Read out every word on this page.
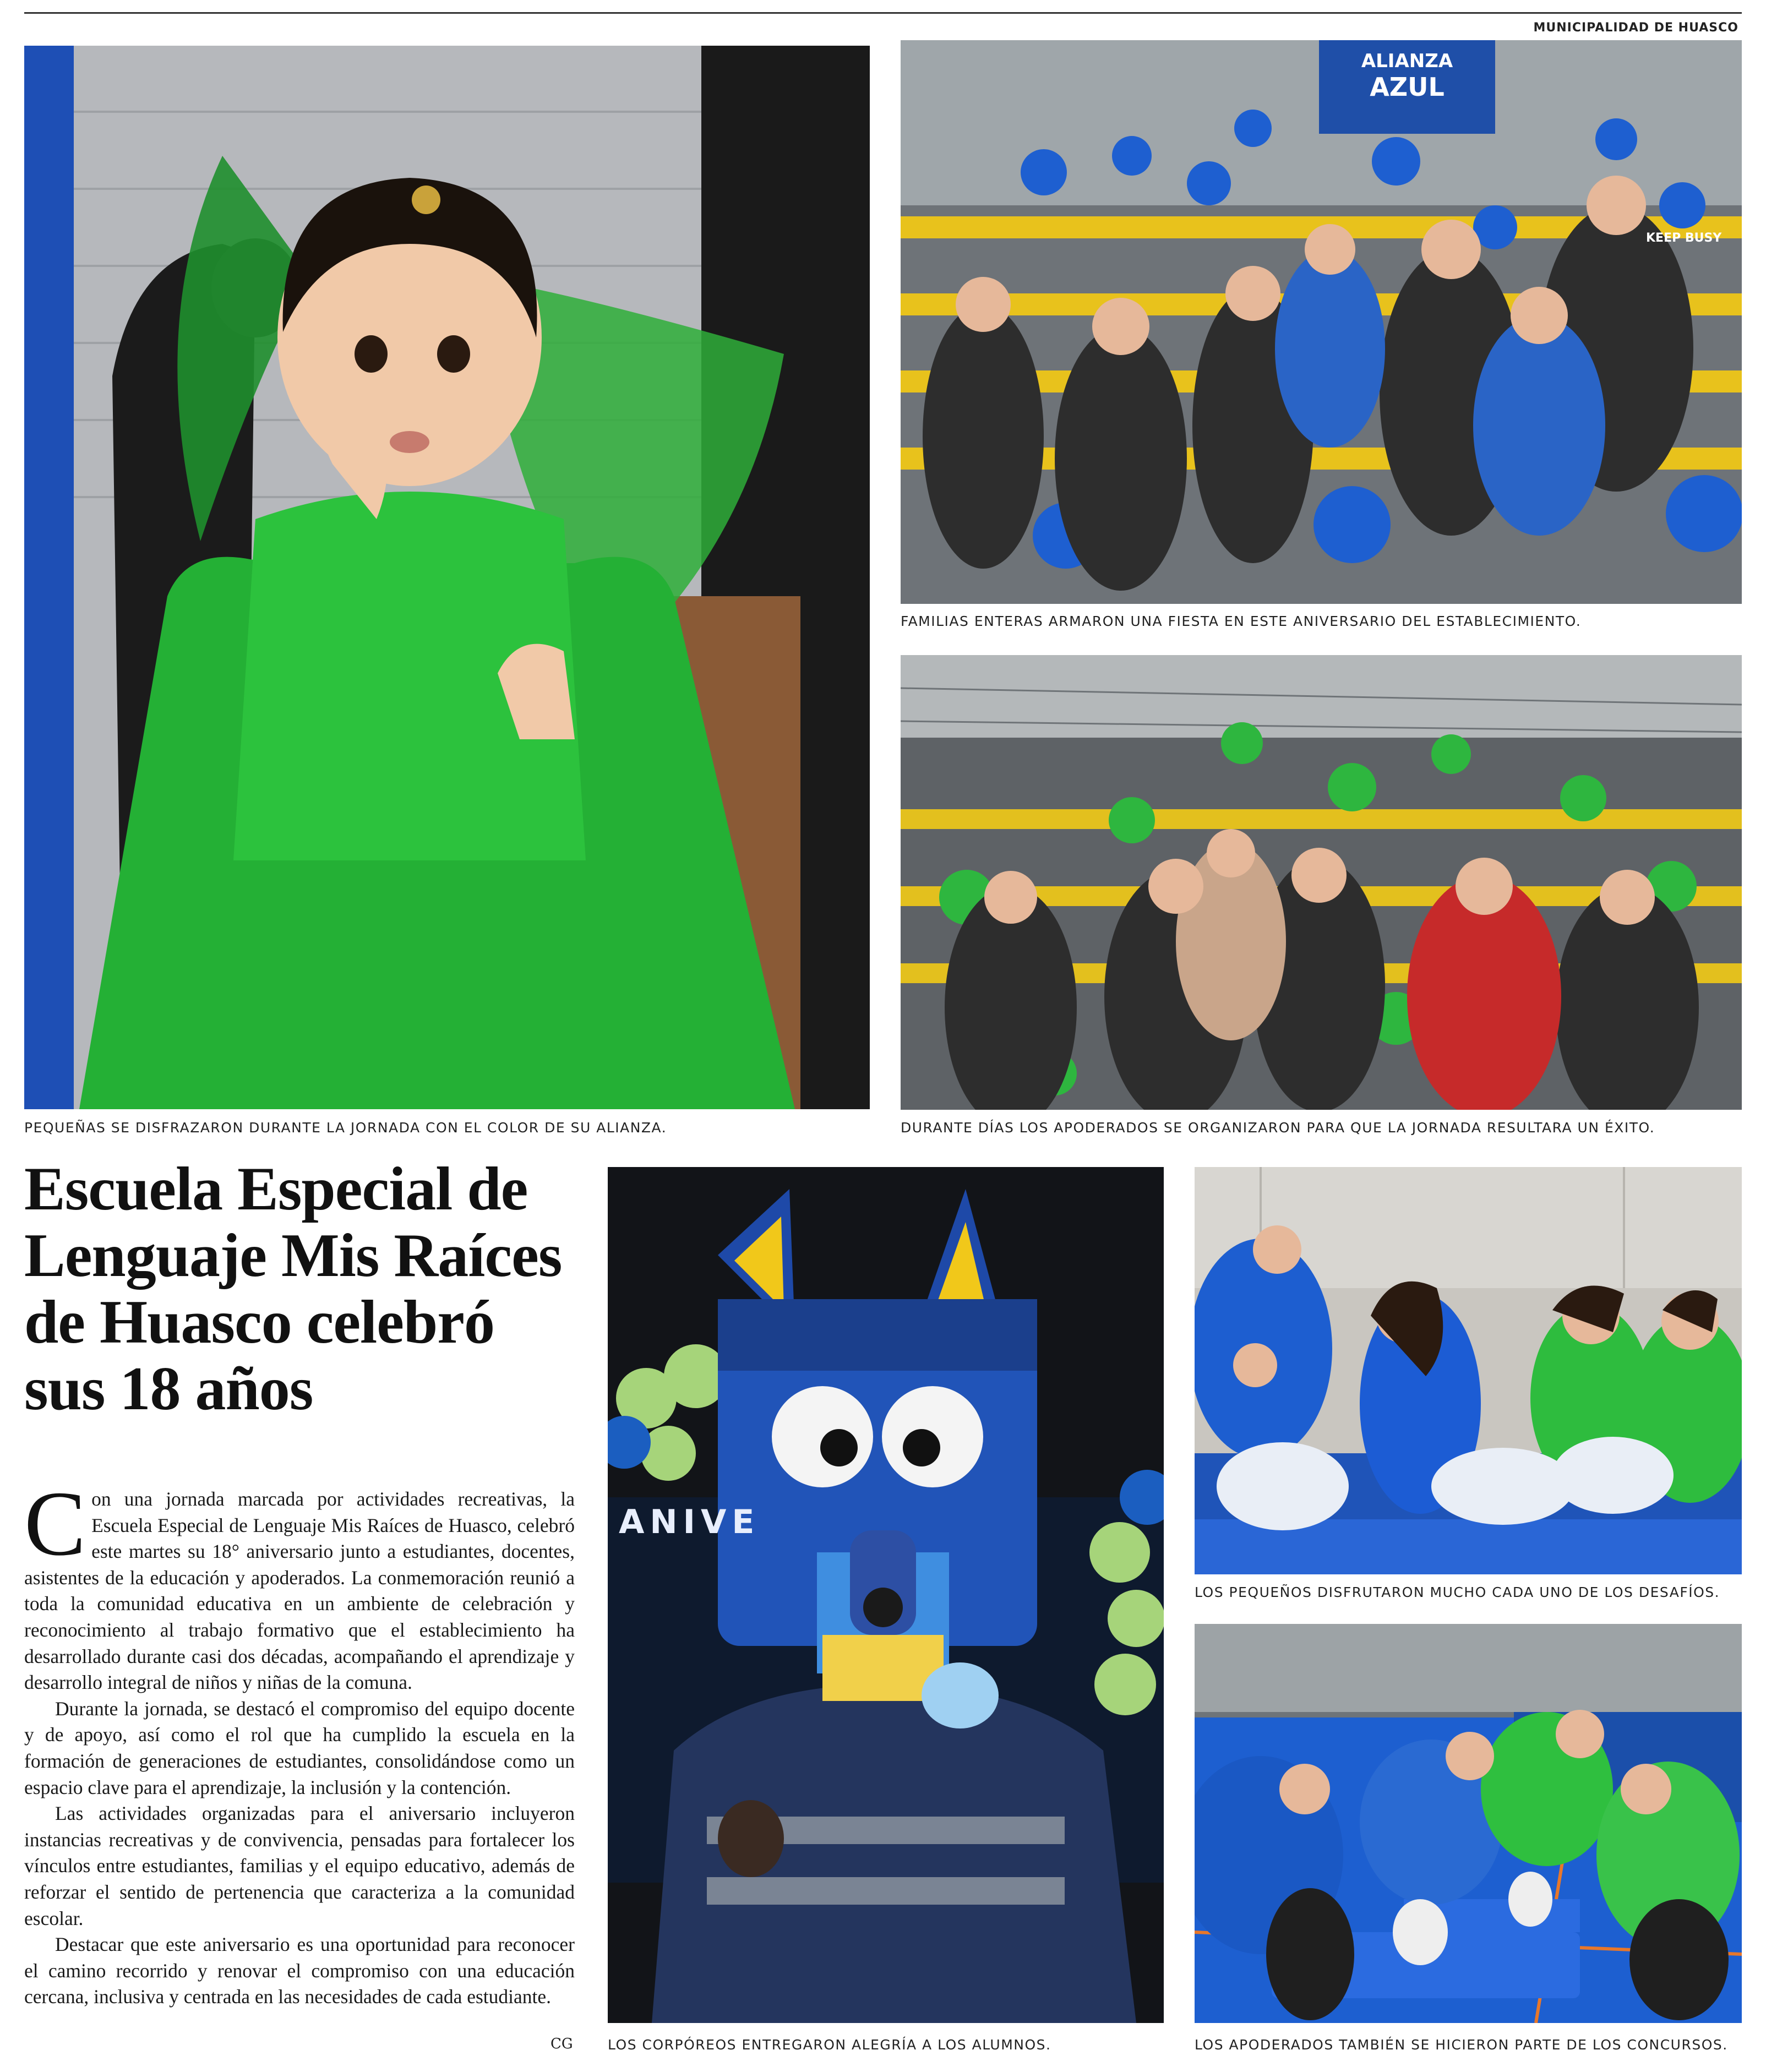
MUNICIPALIDAD DE HUASCO
PEQUEÑAS SE DISFRAZARON DURANTE LA JORNADA CON EL COLOR DE SU ALIANZA.
ALIANZA
AZUL
KEEP BUSY
FAMILIAS ENTERAS ARMARON UNA FIESTA EN ESTE ANIVERSARIO DEL ESTABLECIMIENTO.
DURANTE DÍAS LOS APODERADOS SE ORGANIZARON PARA QUE LA JORNADA RESULTARA UN ÉXITO.
Escuela Especial de Lenguaje Mis Raíces de Huasco celebró sus 18 años

Con una jornada marcada por actividades recreativas, la Escuela Especial de Lenguaje Mis Raíces de Huasco, celebró este martes su 18° aniversario junto a estudiantes, docentes, asistentes de la educación y apoderados. La conmemoración reunió a toda la comunidad educativa en un ambiente de celebración y reconocimiento al trabajo formativo que el establecimiento ha desarrollado durante casi dos décadas, acompañando el aprendizaje y desarrollo integral de niños y niñas de la comuna.

Durante la jornada, se destacó el compromiso del equipo docente y de apoyo, así como el rol que ha cumplido la escuela en la formación de generaciones de estudiantes, consolidándose como un espacio clave para el aprendizaje, la inclusión y la contención.

Las actividades organizadas para el aniversario incluyeron instancias recreativas y de convivencia, pensadas para fortalecer los vínculos entre estudiantes, familias y el equipo educativo, además de reforzar el sentido de pertenencia que caracteriza a la comunidad escolar.

Destacar que este aniversario es una oportunidad para reconocer el camino recorrido y renovar el compromiso con una educación cercana, inclusiva y centrada en las necesidades de cada estudiante.

CG
ANIVE
LOS CORPÓREOS ENTREGARON ALEGRÍA A LOS ALUMNOS.
LOS PEQUEÑOS DISFRUTARON MUCHO CADA UNO DE LOS DESAFÍOS.
LOS APODERADOS TAMBIÉN SE HICIERON PARTE DE LOS CONCURSOS.
